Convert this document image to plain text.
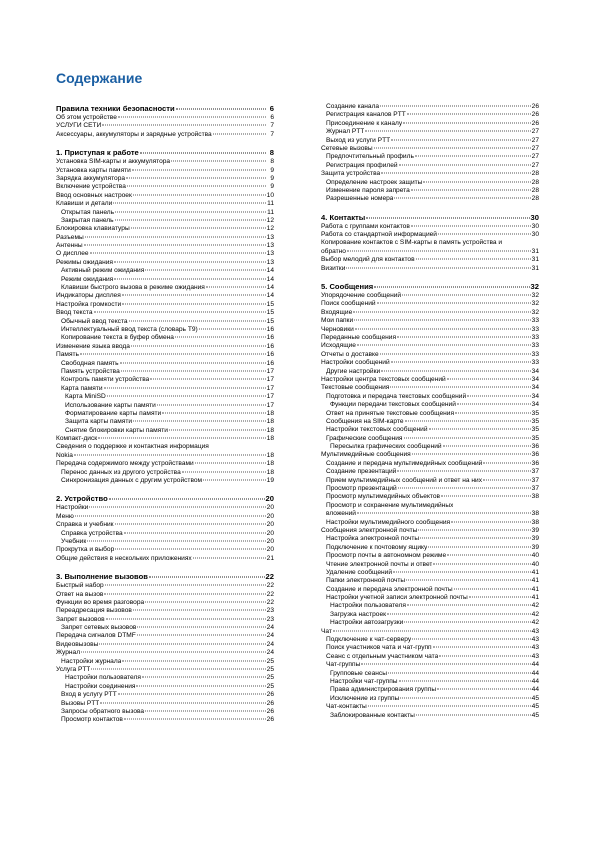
Содержание
Правила техники безопасности	6
Об этом устройстве	6
УСЛУГИ СЕТИ	7
Аксессуары, аккумуляторы и зарядные устройства	7
1. Приступая к работе	8
Установка SIM-карты и аккумулятора	8
Установка карты памяти	9
Зарядка аккумулятора	9
Включение устройства	9
Ввод основных настроек	10
Клавиши и детали	11
Открытая панель	11
Закрытая панель	12
Блокировка клавиатуры	12
Разъемы	13
Антенны	13
О дисплее	13
Режимы ожидания	13
Активный режим ожидания	14
Режим ожидания	14
Клавиши быстрого вызова в режиме ожидания	14
Индикаторы дисплея	14
Настройка громкости	15
Ввод текста	15
Обычный ввод текста	15
Интеллектуальный ввод текста (словарь T9)	16
Копирование текста в буфер обмена	16
Изменение языка ввода	16
Память	16
Свободная память	16
Память устройства	17
Контроль памяти устройства	17
Карта памяти	17
Карта MiniSD	17
Использование карты памяти	17
Форматирование карты памяти	18
Защита карты памяти	18
Снятие блокировки карты памяти	18
Компакт-диск	18
Сведения о поддержке и контактная информация
Nokia	18
Передача содержимого между устройствами	18
Перенос данных из другого устройства	18
Синхронизация данных с другим устройством	19
2. Устройство	20
Настройки	20
Меню	20
Справка и учебник	20
Справка устройства	20
Учебник	20
Прокрутка и выбор	20
Общие действия в нескольких приложениях	21
3. Выполнение вызовов	22
Быстрый набор	22
Ответ на вызов	22
Функции во время разговора	22
Переадресация вызовов	23
Запрет вызовов	23
Запрет сетевых вызовов	24
Передача сигналов DTMF	24
Видеовызовы	24
Журнал	24
Настройки журнала	25
Услуга PTT	25
Настройки пользователя	25
Настройки соединения	25
Вход в услугу PTT	26
Вызовы PTT	26
Запросы обратного вызова	26
Просмотр контактов	26
Создание канала	26
Регистрация каналов PTT	26
Присоединение к каналу	26
Журнал PTT	27
Выход из услуги PTT	27
Сетевые вызовы	27
Предпочтительный профиль	27
Регистрация профилей	27
Защита устройства	28
Определение настроек защиты	28
Изменение пароля запрета	28
Разрешенные номера	28
4. Контакты	30
Работа с группами контактов	30
Работа со стандартной информацией	30
Копирование контактов с SIM-карты в память устройства и
обратно	31
Выбор мелодий для контактов	31
Визитки	31
5. Сообщения	32
Упорядочение сообщений	32
Поиск сообщений	32
Входящие	32
Мои папки	33
Черновики	33
Переданные сообщения	33
Исходящие	33
Отчеты о доставке	33
Настройки сообщений	33
Другие настройки	34
Настройки центра текстовых сообщений	34
Текстовые сообщения	34
Подготовка и передача текстовых сообщений	34
Функции передачи текстовых сообщений	34
Ответ на принятые текстовые сообщения	35
Сообщения на SIM-карте	35
Настройки текстовых сообщений	35
Графические сообщения	35
Пересылка графических сообщений	36
Мультимедийные сообщения	36
Создание и передача мультимедийных сообщений	36
Создание презентаций	37
Прием мультимедийных сообщений и ответ на них	37
Просмотр презентаций	37
Просмотр мультимедийных объектов	38
Просмотр и сохранение мультимедийных
вложений	38
Настройки мультимедийного сообщения	38
Сообщения электронной почты	39
Настройка электронной почты	39
Подключение к почтовому ящику	39
Просмотр почты в автономном режиме	40
Чтение электронной почты и ответ	40
Удаление сообщений	41
Папки электронной почты	41
Создание и передача электронной почты	41
Настройки учетной записи электронной почты	41
Настройки пользователя	42
Загрузка настроек	42
Настройки автозагрузки	42
Чат	43
Подключение к чат-серверу	43
Поиск участников чата и чат-групп	43
Сеанс с отдельным участником чата	43
Чат-группы	44
Групповые сеансы	44
Настройки чат-группы	44
Права администрирования группы	44
Исключение из группы	45
Чат-контакты	45
Заблокированные контакты	45
